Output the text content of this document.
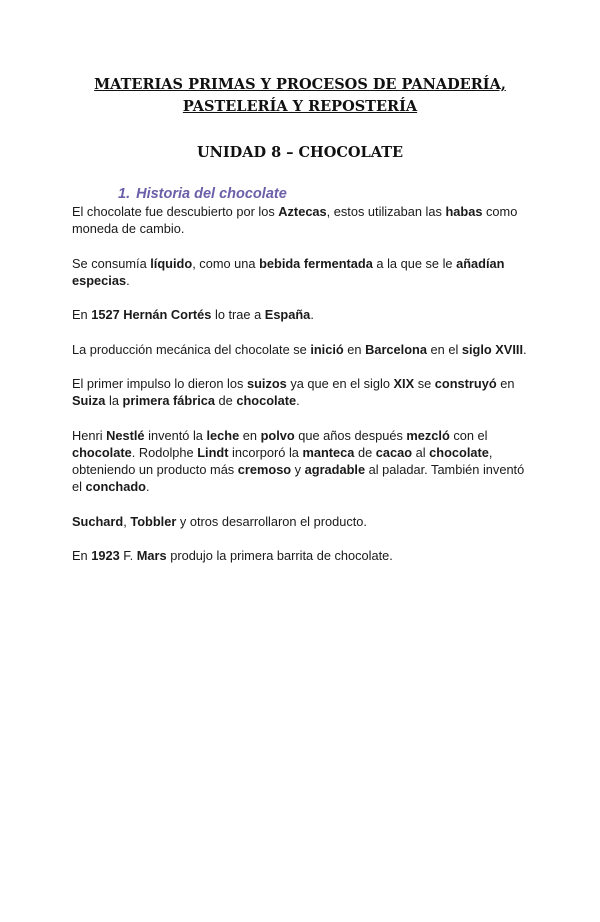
MATERIAS PRIMAS Y PROCESOS DE PANADERÍA,
PASTELERÍA Y REPOSTERÍA
UNIDAD 8 – CHOCOLATE
1. Historia del chocolate

El chocolate fue descubierto por los Aztecas, estos utilizaban las habas como moneda de cambio.

Se consumía líquido, como una bebida fermentada a la que se le añadían especias.

En 1527 Hernán Cortés lo trae a España.

La producción mecánica del chocolate se inició en Barcelona en el siglo XVIII.

El primer impulso lo dieron los suizos ya que en el siglo XIX se construyó en Suiza la primera fábrica de chocolate.

Henri Nestlé inventó la leche en polvo que años después mezcló con el chocolate. Rodolphe Lindt incorporó la manteca de cacao al chocolate, obteniendo un producto más cremoso y agradable al paladar. También inventó el conchado.

Suchard, Tobbler y otros desarrollaron el producto.

En 1923 F. Mars produjo la primera barrita de chocolate.
